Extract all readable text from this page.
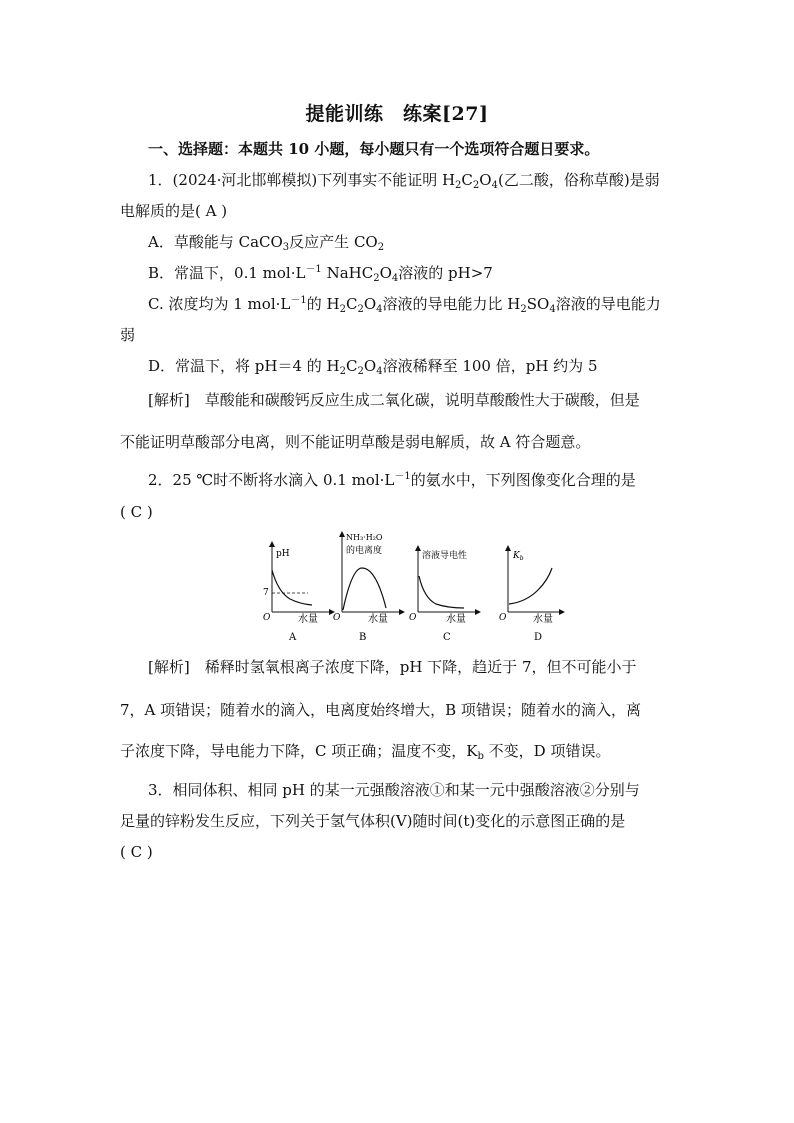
提能训练　练案[27]
一、选择题：本题共 10 小题，每小题只有一个选项符合题日要求。
1．(2024·河北邯郸模拟)下列事实不能证明 $H_2C_2O_4$(乙二酸，俗称草酸)是弱
电解质的是( A )
A．草酸能与 CaCO$_3$反应产生 $CO_2$
B．常温下，0.1 $mol\cdot L^{-1}$ $NaHC_2O_4$溶液的 pH>7
C. 浓度均为 1 $mol\cdot L^{-1}$的 $H_2C_2O_4$溶液的导电能力比 $H_2SO_4$溶液的导电能力
弱
D．常温下，将 pH＝4 的 $H_2C_2O_4$溶液稀释至 100 倍，pH 约为 5
[解析]　草酸能和碳酸钙反应生成二氧化碳，说明草酸酸性大于碳酸，但是
不能证明草酸部分电离，则不能证明草酸是弱电解质，故 A 符合题意。
2．25 ℃时不断将水滴入 0.1 $mol\cdot L^{-1}$的氨水中，下列图像变化合理的是
( C )
pH
7
O	水量
A
NH₃·H₂O
的电离度
O	水量
B
溶液导电性
O	水量
C
$K_b$
O	水量
D
[解析]　稀释时氢氧根离子浓度下降，pH 下降，趋近于 7，但不可能小于
7，A 项错误；随着水的滴入，电离度始终增大，B 项错误；随着水的滴入，离
子浓度下降，导电能力下降，C 项正确；温度不变，$K_b$ 不变，D 项错误。
3．相同体积、相同 pH 的某一元强酸溶液①和某一元中强酸溶液②分别与
足量的锌粉发生反应，下列关于氢气体积(V)随时间(t)变化的示意图正确的是
( C )
